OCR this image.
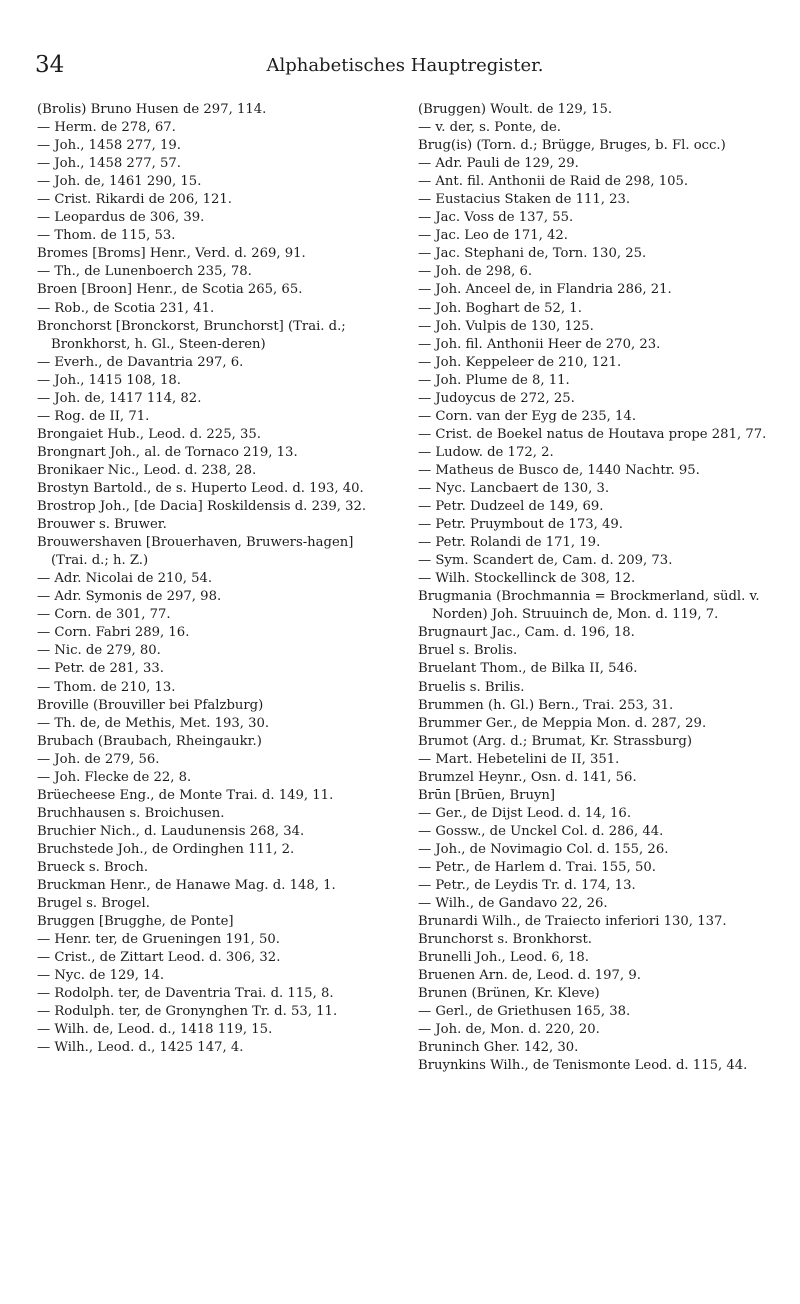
34	Alphabetisches Hauptregister.

(Brolis) Bruno Husen de 297, 114.

— Herm. de 278, 67.

— Joh., 1458 277, 19.

— Joh., 1458 277, 57.

— Joh. de, 1461 290, 15.

— Crist. Rikardi de 206, 121.

— Leopardus de 306, 39.

— Thom. de 115, 53.

Bromes [Broms] Henr., Verd. d. 269, 91.

— Th., de Lunenboerch 235, 78.

Broen [Broon] Henr., de Scotia 265, 65.

— Rob., de Scotia 231, 41.

Bronchorst [Bronckorst, Brunchorst] (Trai. d.; Bronkhorst, h. Gl., Steen-deren)

— Everh., de Davantria 297, 6.

— Joh., 1415 108, 18.

— Joh. de, 1417 114, 82.

— Rog. de II, 71.

Brongaiet Hub., Leod. d. 225, 35.

Brongnart Joh., al. de Tornaco 219, 13.

Bronikaer Nic., Leod. d. 238, 28.

Brostyn Bartold., de s. Huperto Leod. d. 193, 40.

Brostrop Joh., [de Dacia] Roskildensis d. 239, 32.

Brouwer s. Bruwer.

Brouwershaven [Brouerhaven, Bruwers-hagen] (Trai. d.; h. Z.)

— Adr. Nicolai de 210, 54.

— Adr. Symonis de 297, 98.

— Corn. de 301, 77.

— Corn. Fabri 289, 16.

— Nic. de 279, 80.

— Petr. de 281, 33.

— Thom. de 210, 13.

Broville (Brouviller bei Pfalzburg)

— Th. de, de Methis, Met. 193, 30.

Brubach (Braubach, Rheingaukr.)

— Joh. de 279, 56.

— Joh. Flecke de 22, 8.

Brüecheese Eng., de Monte Trai. d. 149, 11.

Bruchhausen s. Broichusen.

Bruchier Nich., d. Laudunensis 268, 34.

Bruchstede Joh., de Ordinghen 111, 2.

Brueck s. Broch.

Bruckman Henr., de Hanawe Mag. d. 148, 1.

Brugel s. Brogel.

Bruggen [Brugghe, de Ponte]

— Henr. ter, de Grueningen 191, 50.

— Crist., de Zittart Leod. d. 306, 32.

— Nyc. de 129, 14.

— Rodolph. ter, de Daventria Trai. d. 115, 8.

— Rodulph. ter, de Gronynghen Tr. d. 53, 11.

— Wilh. de, Leod. d., 1418 119, 15.

— Wilh., Leod. d., 1425 147, 4.

(Bruggen) Woult. de 129, 15.

— v. der, s. Ponte, de.

Brug(is) (Torn. d.; Brügge, Bruges, b. Fl. occ.)

— Adr. Pauli de 129, 29.

— Ant. fil. Anthonii de Raid de 298, 105.

— Eustacius Staken de 111, 23.

— Jac. Voss de 137, 55.

— Jac. Leo de 171, 42.

— Jac. Stephani de, Torn. 130, 25.

— Joh. de 298, 6.

— Joh. Anceel de, in Flandria 286, 21.

— Joh. Boghart de 52, 1.

— Joh. Vulpis de 130, 125.

— Joh. fil. Anthonii Heer de 270, 23.

— Joh. Keppeleer de 210, 121.

— Joh. Plume de 8, 11.

— Judoycus de 272, 25.

— Corn. van der Eyg de 235, 14.

— Crist. de Boekel natus de Houtava prope 281, 77.

— Ludow. de 172, 2.

— Matheus de Busco de, 1440 Nachtr. 95.

— Nyc. Lancbaert de 130, 3.

— Petr. Dudzeel de 149, 69.

— Petr. Pruymbout de 173, 49.

— Petr. Rolandi de 171, 19.

— Sym. Scandert de, Cam. d. 209, 73.

— Wilh. Stockellinck de 308, 12.

Brugmania (Brochmannia = Brockmerland, südl. v. Norden) Joh. Struuinch de, Mon. d. 119, 7.

Brugnaurt Jac., Cam. d. 196, 18.

Bruel s. Brolis.

Bruelant Thom., de Bilka II, 546.

Bruelis s. Brilis.

Brummen (h. Gl.) Bern., Trai. 253, 31.

Brummer Ger., de Meppia Mon. d. 287, 29.

Brumot (Arg. d.; Brumat, Kr. Strassburg)

— Mart. Hebetelini de II, 351.

Brumzel Heynr., Osn. d. 141, 56.

Brūn [Brūen, Bruyn]

— Ger., de Dijst Leod. d. 14, 16.

— Gossw., de Unckel Col. d. 286, 44.

— Joh., de Novimagio Col. d. 155, 26.

— Petr., de Harlem d. Trai. 155, 50.

— Petr., de Leydis Tr. d. 174, 13.

— Wilh., de Gandavo 22, 26.

Brunardi Wilh., de Traiecto inferiori 130, 137.

Brunchorst s. Bronkhorst.

Brunelli Joh., Leod. 6, 18.

Bruenen Arn. de, Leod. d. 197, 9.

Brunen (Brünen, Kr. Kleve)

— Gerl., de Griethusen 165, 38.

— Joh. de, Mon. d. 220, 20.

Bruninch Gher. 142, 30.

Bruynkins Wilh., de Tenismonte Leod. d. 115, 44.
